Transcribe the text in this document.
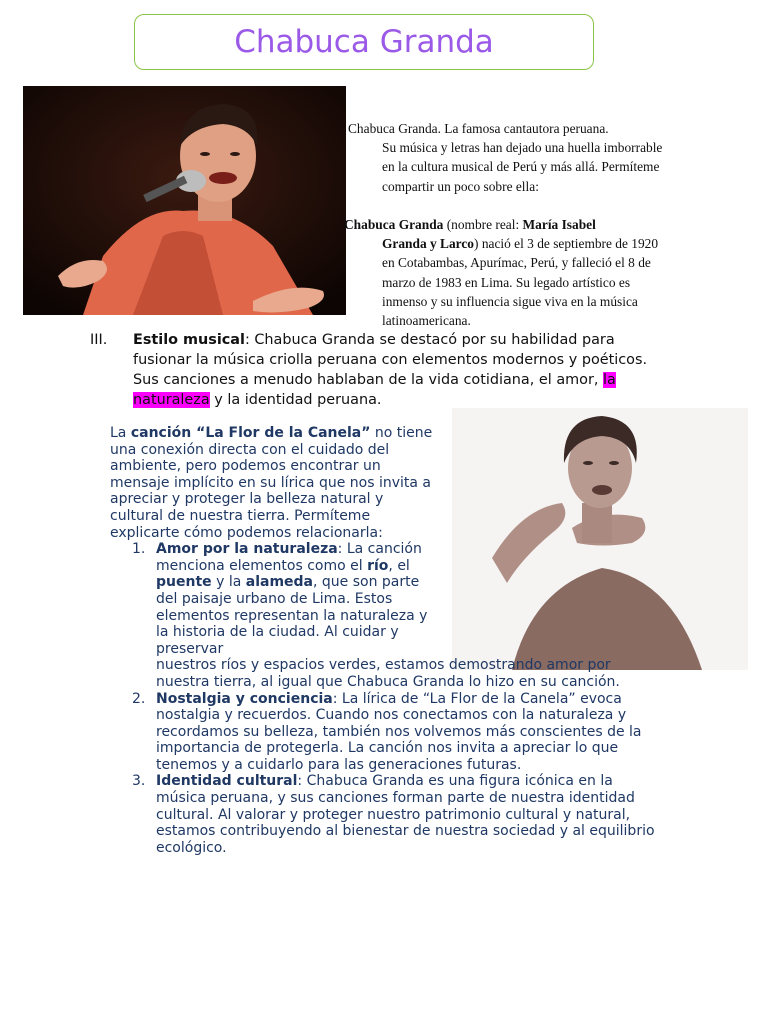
Chabuca Granda
Chabuca Granda. La famosa cantautora peruana.
Su música y letras han dejado una huella imborrable en la cultura musical de Perú y más allá. Permíteme compartir un poco sobre ella:
Chabuca Granda (nombre real: María Isabel
Granda y Larco) nació el 3 de septiembre de 1920 en Cotabambas, Apurímac, Perú, y falleció el 8 de marzo de 1983 en Lima. Su legado artístico es inmenso y su influencia sigue viva en la música latinoamericana.
III. Estilo musical: Chabuca Granda se destacó por su habilidad para fusionar la música criolla peruana con elementos modernos y poéticos. Sus canciones a menudo hablaban de la vida cotidiana, el amor, la naturaleza y la identidad peruana.

La canción “La Flor de la Canela” no tiene una conexión directa con el cuidado del ambiente, pero podemos encontrar un mensaje implícito en su lírica que nos invita a apreciar y proteger la belleza natural y cultural de nuestra tierra. Permíteme explicarte cómo podemos relacionarla:

1. Amor por la naturaleza: La canción menciona elementos como el río, el puente y la alameda, que son parte del paisaje urbano de Lima. Estos elementos representan la naturaleza y la historia de la ciudad. Al cuidar y preservar
nuestros ríos y espacios verdes, estamos demostrando amor por nuestra tierra, al igual que Chabuca Granda lo hizo en su canción.
2. Nostalgia y conciencia: La lírica de “La Flor de la Canela” evoca nostalgia y recuerdos. Cuando nos conectamos con la naturaleza y recordamos su belleza, también nos volvemos más conscientes de la importancia de protegerla. La canción nos invita a apreciar lo que tenemos y a cuidarlo para las generaciones futuras.
3. Identidad cultural: Chabuca Granda es una figura icónica en la música peruana, y sus canciones forman parte de nuestra identidad cultural. Al valorar y proteger nuestro patrimonio cultural y natural, estamos contribuyendo al bienestar de nuestra sociedad y al equilibrio ecológico.
